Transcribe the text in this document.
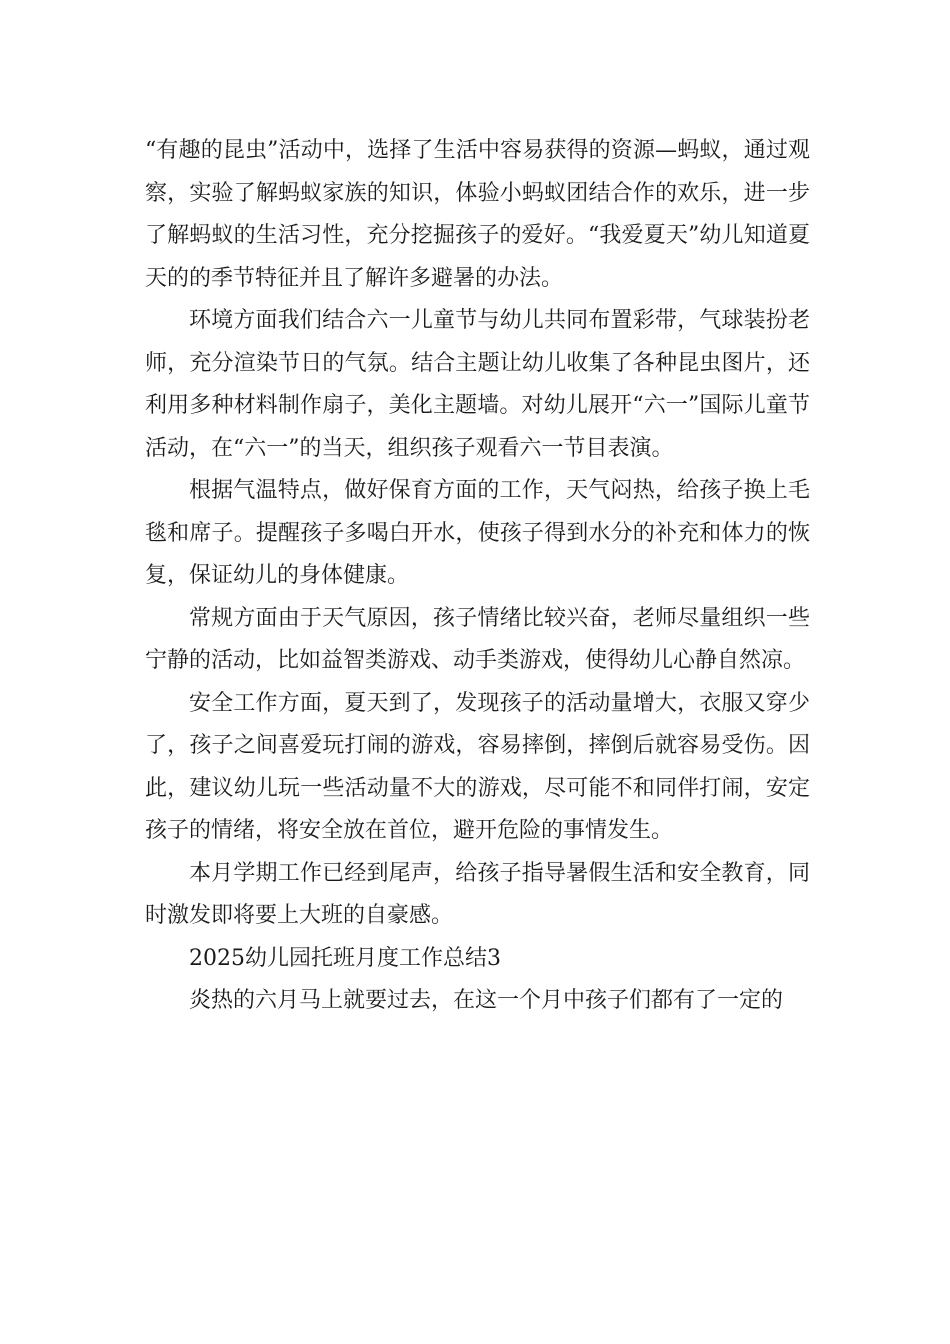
“有趣的昆虫”活动中，选择了生活中容易获得的资源—蚂蚁，通过观察，实验了解蚂蚁家族的知识，体验小蚂蚁团结合作的欢乐，进一步了解蚂蚁的生活习性，充分挖掘孩子的爱好。“我爱夏天”幼儿知道夏天的的季节特征并且了解许多避暑的办法。

环境方面我们结合六一儿童节与幼儿共同布置彩带，气球装扮老师，充分渲染节日的气氛。结合主题让幼儿收集了各种昆虫图片，还利用多种材料制作扇子，美化主题墙。对幼儿展开“六一”国际儿童节活动，在“六一”的当天，组织孩子观看六一节目表演。

根据气温特点，做好保育方面的工作，天气闷热，给孩子换上毛毯和席子。提醒孩子多喝白开水，使孩子得到水分的补充和体力的恢复，保证幼儿的身体健康。

常规方面由于天气原因，孩子情绪比较兴奋，老师尽量组织一些宁静的活动，比如益智类游戏、动手类游戏，使得幼儿心静自然凉。

安全工作方面，夏天到了，发现孩子的活动量增大，衣服又穿少了，孩子之间喜爱玩打闹的游戏，容易摔倒，摔倒后就容易受伤。因此，建议幼儿玩一些活动量不大的游戏，尽可能不和同伴打闹，安定孩子的情绪，将安全放在首位，避开危险的事情发生。

本月学期工作已经到尾声，给孩子指导暑假生活和安全教育，同时激发即将要上大班的自豪感。

2025幼儿园托班月度工作总结3

炎热的六月马上就要过去，在这一个月中孩子们都有了一定的
